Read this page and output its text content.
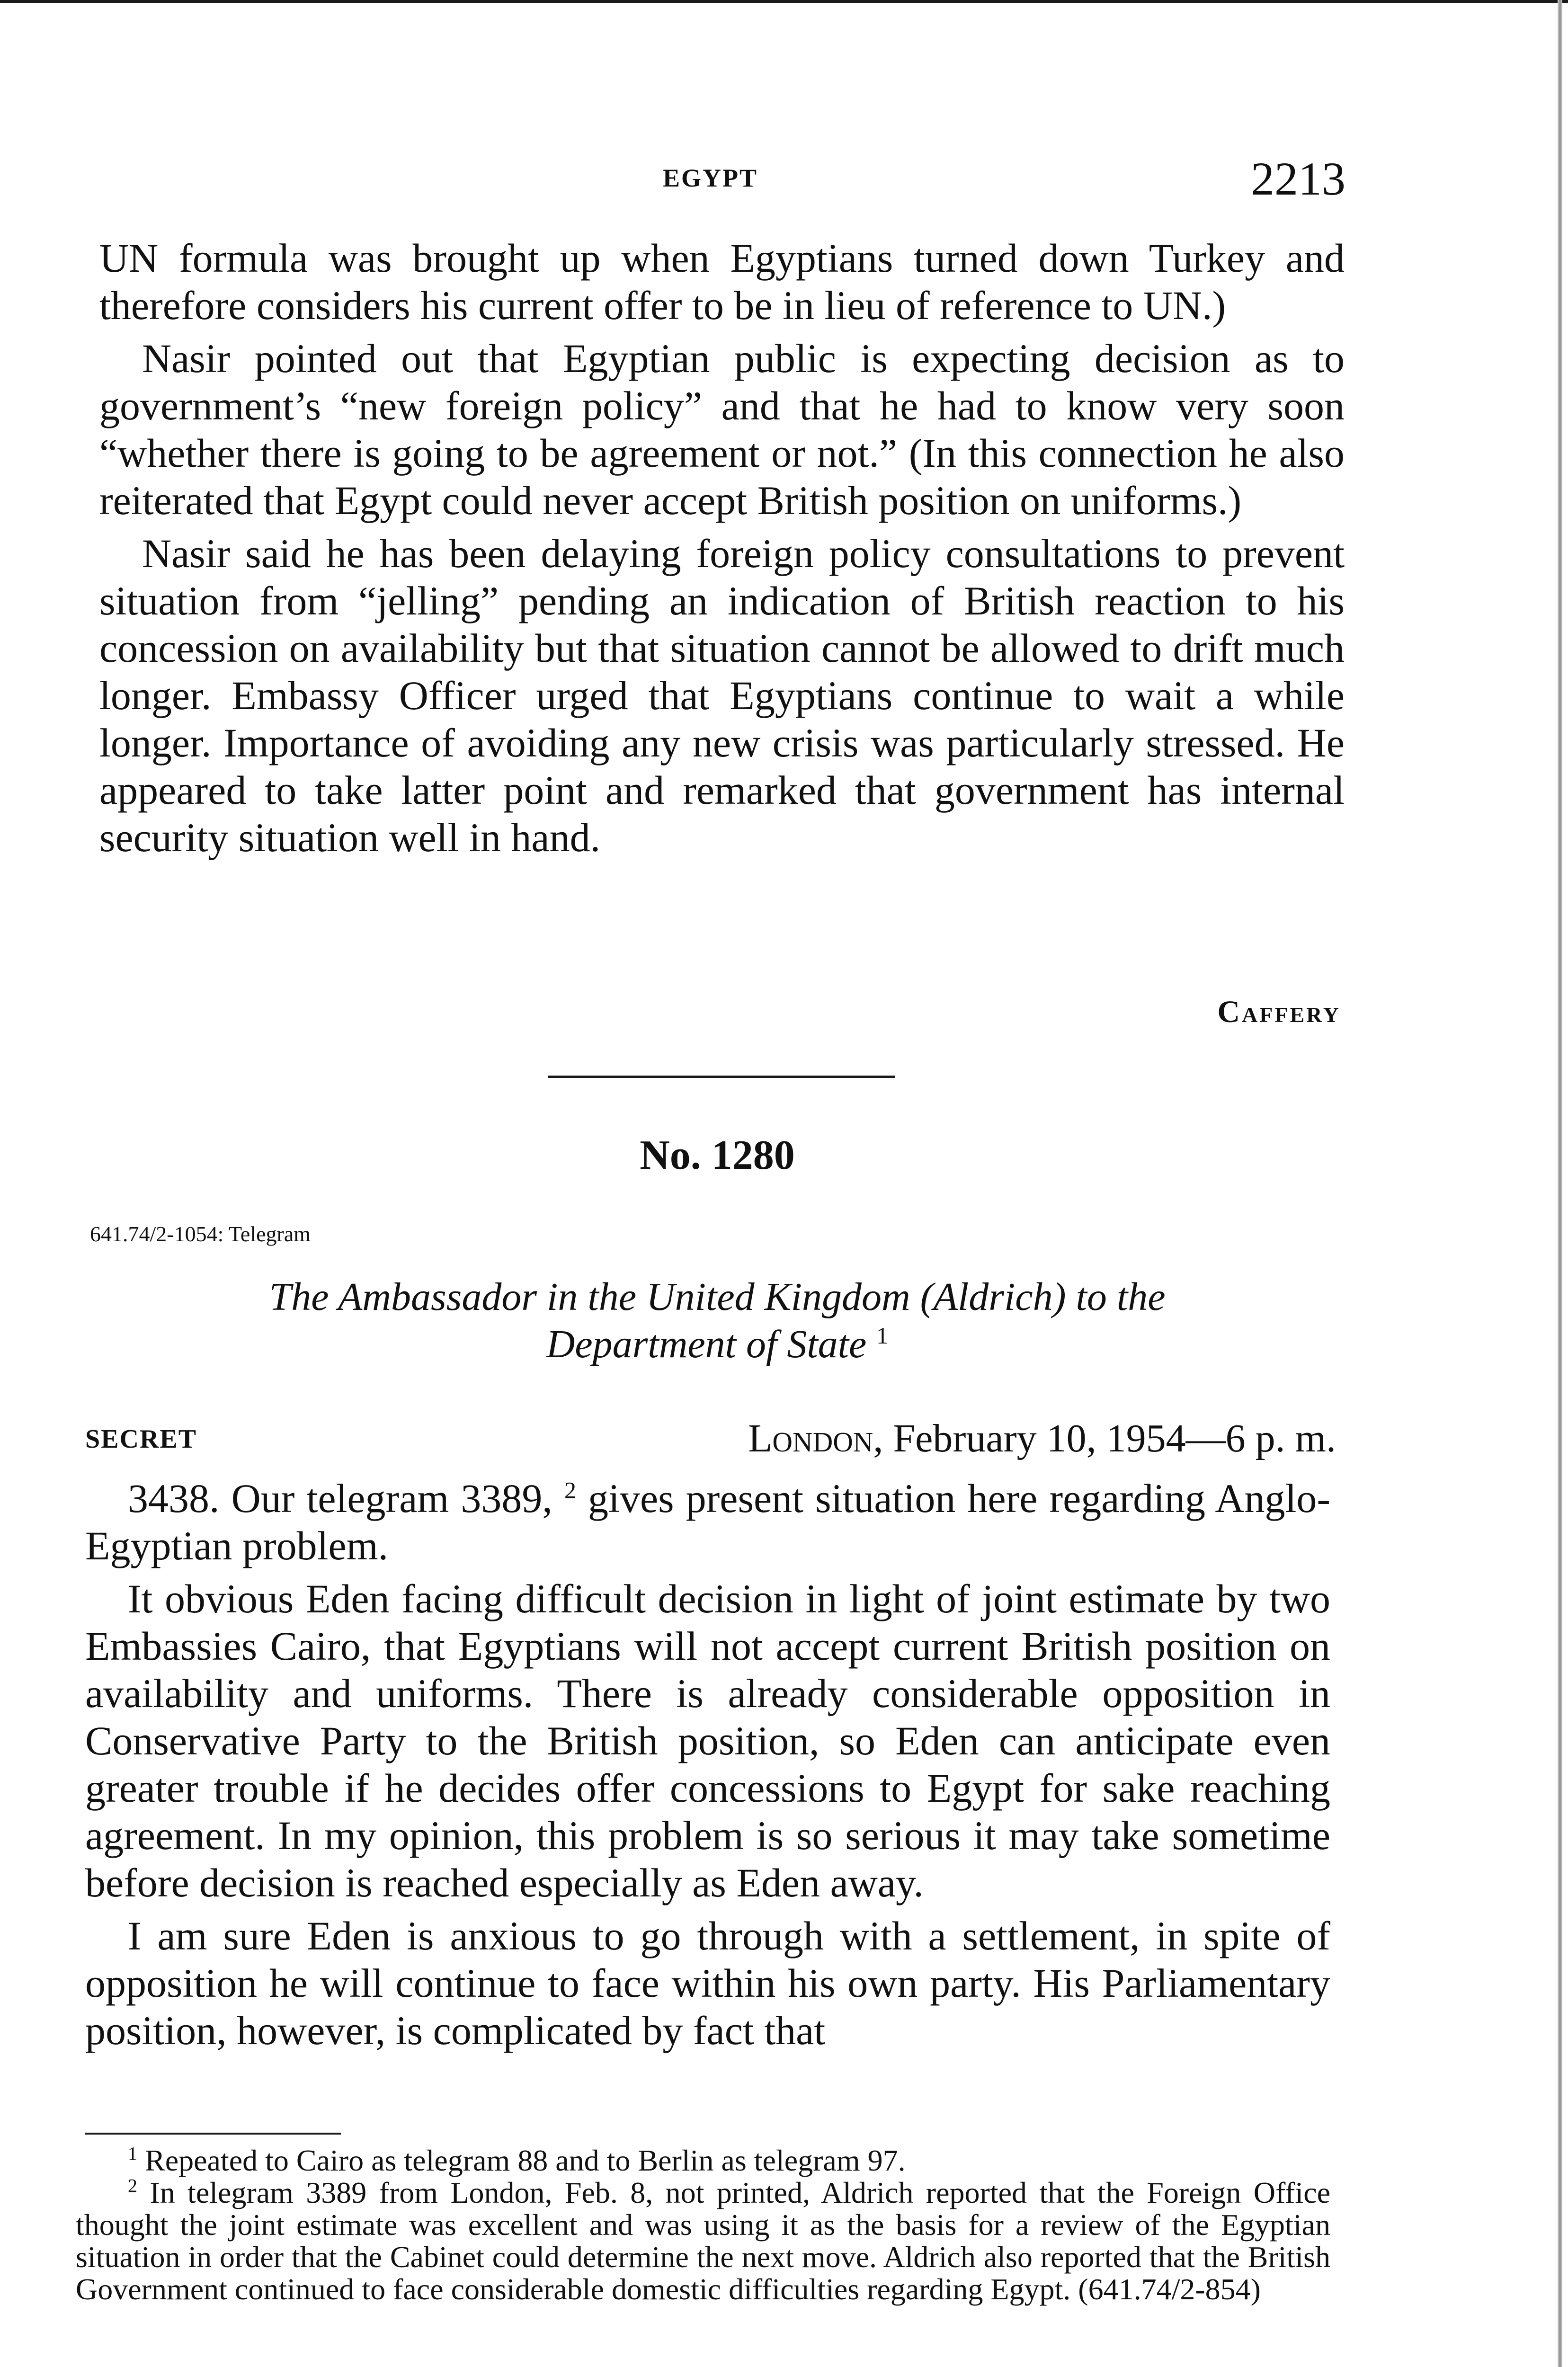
EGYPT	2213

UN formula was brought up when Egyptians turned down Turkey and therefore considers his current offer to be in lieu of reference to UN.)

Nasir pointed out that Egyptian public is expecting decision as to government’s “new foreign policy” and that he had to know very soon “whether there is going to be agreement or not.” (In this connection he also reiterated that Egypt could never accept British position on uniforms.)

Nasir said he has been delaying foreign policy consultations to prevent situation from “jelling” pending an indication of British reaction to his concession on availability but that situation cannot be allowed to drift much longer. Embassy Officer urged that Egyptians continue to wait a while longer. Importance of avoiding any new crisis was particularly stressed. He appeared to take latter point and remarked that government has internal security situation well in hand.

Caffery
No. 1280
641.74/2-1054: Telegram

The Ambassador in the United Kingdom (Aldrich) to the Department of State $^1$

SECRET	London, February 10, 1954—6 p. m.

3438. Our telegram 3389, $^2$ gives present situation here regarding Anglo-Egyptian problem.

It obvious Eden facing difficult decision in light of joint estimate by two Embassies Cairo, that Egyptians will not accept current British position on availability and uniforms. There is already considerable opposition in Conservative Party to the British position, so Eden can anticipate even greater trouble if he decides offer concessions to Egypt for sake reaching agreement. In my opinion, this problem is so serious it may take sometime before decision is reached especially as Eden away.

I am sure Eden is anxious to go through with a settlement, in spite of opposition he will continue to face within his own party. His Parliamentary position, however, is complicated by fact that

$^1$ Repeated to Cairo as telegram 88 and to Berlin as telegram 97.

$^2$ In telegram 3389 from London, Feb. 8, not printed, Aldrich reported that the Foreign Office thought the joint estimate was excellent and was using it as the basis for a review of the Egyptian situation in order that the Cabinet could determine the next move. Aldrich also reported that the British Government continued to face considerable domestic difficulties regarding Egypt. (641.74/2-854)
